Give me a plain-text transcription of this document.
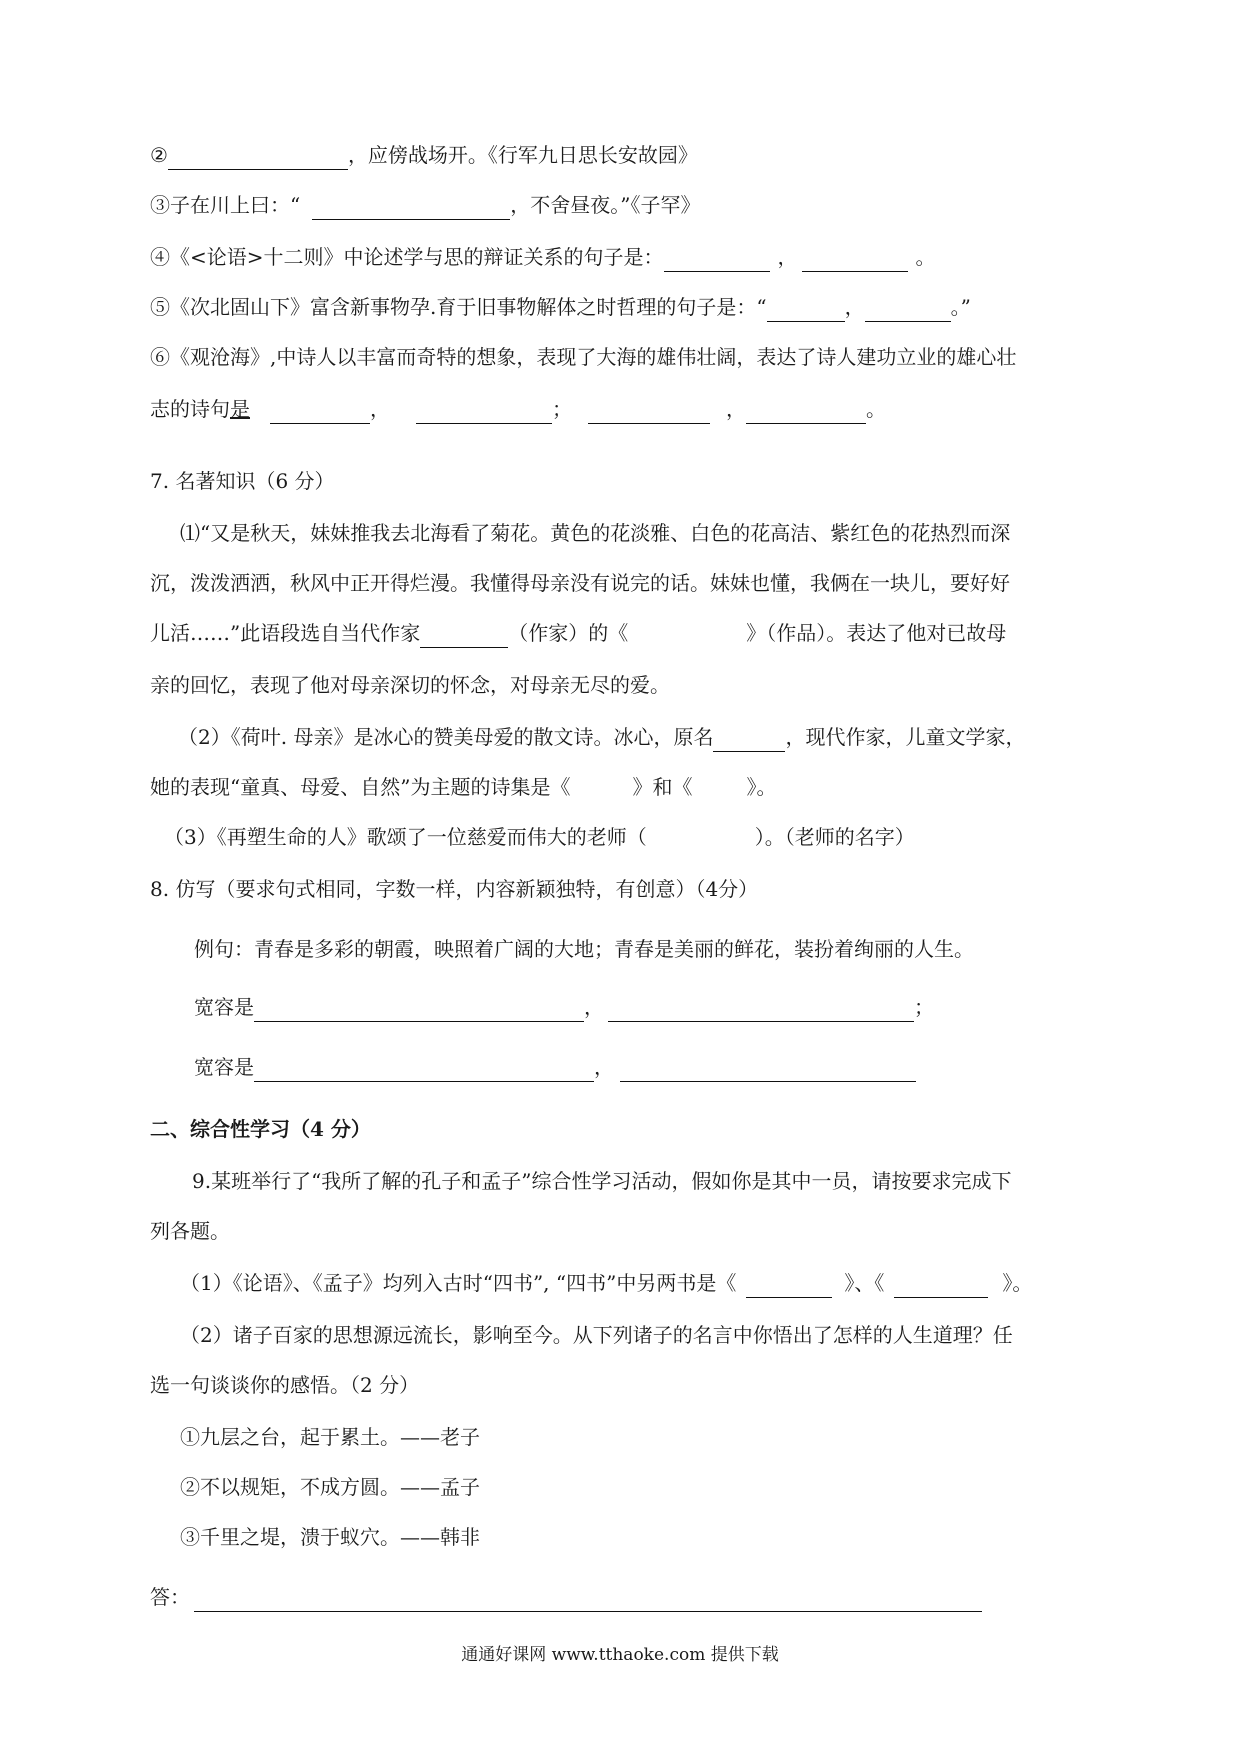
②	，应傍战场开。《行军九日思长安故园》
③子在川上曰：“	，不舍昼夜。”《子罕》
④《<论语>十二则》中论述学与思的辩证关系的句子是：	，	。
⑤《次北固山下》富含新事物孕.育于旧事物解体之时哲理的句子是：“	，	。”
⑥《观沧海》,中诗人以丰富而奇特的想象，表现了大海的雄伟壮阔，表达了诗人建功立业的雄心壮
志的诗句是	，	；	，	。
7. 名著知识（6 分）
⑴“又是秋天，妹妹推我去北海看了菊花。黄色的花淡雅、白色的花高洁、紫红色的花热烈而深
沉，泼泼洒洒，秋风中正开得烂漫。我懂得母亲没有说完的话。妹妹也懂，我俩在一块儿，要好好
儿活……”此语段选自当代作家	（作家）的《	》（作品）。表达了他对已故母
亲的回忆，表现了他对母亲深切的怀念，对母亲无尽的爱。
（2）《荷叶. 母亲》是冰心的赞美母爱的散文诗。冰心，原名	，现代作家，儿童文学家，
她的表现“童真、母爱、自然”为主题的诗集是《	》和《	》。
（3）《再塑生命的人》歌颂了一位慈爱而伟大的老师（	）。（老师的名字）
8. 仿写（要求句式相同，字数一样，内容新颖独特，有创意）（4分）
例句：青春是多彩的朝霞，映照着广阔的大地；青春是美丽的鲜花，装扮着绚丽的人生。
宽容是	，	；
宽容是	，
二、综合性学习（4 分）
9.某班举行了“我所了解的孔子和孟子”综合性学习活动，假如你是其中一员，请按要求完成下
列各题。
（1）《论语》、《孟子》均列入古时“四书”, “四书”中另两书是《	》、《	》。
（2）诸子百家的思想源远流长，影响至今。从下列诸子的名言中你悟出了怎样的人生道理？任
选一句谈谈你的感悟。（2 分）
①九层之台，起于累土。——老子
②不以规矩，不成方圆。——孟子
③千里之堤，溃于蚁穴。——韩非
答：
通通好课网 www.tthaoke.com 提供下载
